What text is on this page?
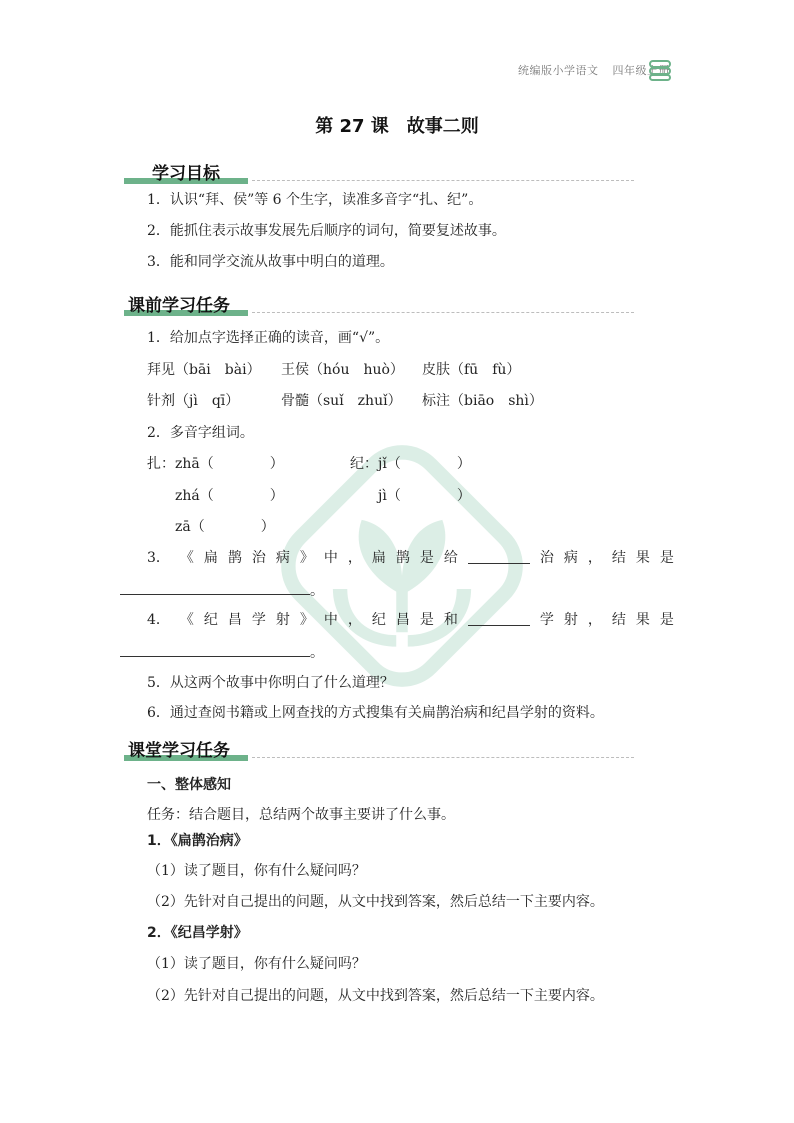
统编版小学语文 四年级上册
第 27 课　故事二则
学习目标
1．认识“拜、侯”等 6 个生字，读准多音字“扎、纪”。
2．能抓住表示故事发展先后顺序的词句，简要复述故事。
3．能和同学交流从故事中明白的道理。
课前学习任务
1．给加点字选择正确的读音，画“√”。
拜见（bāi　bài） 王侯（hóu　huò） 皮肤（fū　fù）
针剂（jì　qī）	骨髓（suǐ　zhuǐ） 标注（biāo　shì）
2．多音字组词。
扎： zhā（　　　　）
zhá（　　　　）
zā（　　　　）
纪： jǐ（　　　　）
jì（　　　　）
3． 《 扁 鹊 治 病 》 中 ， 扁 鹊 是 给	治 病 ， 结 果 是
。
4． 《 纪 昌 学 射 》 中 ， 纪 昌 是 和	学 射 ， 结 果 是
。
5．从这两个故事中你明白了什么道理？
6．通过查阅书籍或上网查找的方式搜集有关扁鹊治病和纪昌学射的资料。
课堂学习任务
一、整体感知
任务：结合题目，总结两个故事主要讲了什么事。
1．《扁鹊治病》
（1）读了题目，你有什么疑问吗？
（2）先针对自己提出的问题，从文中找到答案，然后总结一下主要内容。
2．《纪昌学射》
（1）读了题目，你有什么疑问吗？
（2）先针对自己提出的问题，从文中找到答案，然后总结一下主要内容。
